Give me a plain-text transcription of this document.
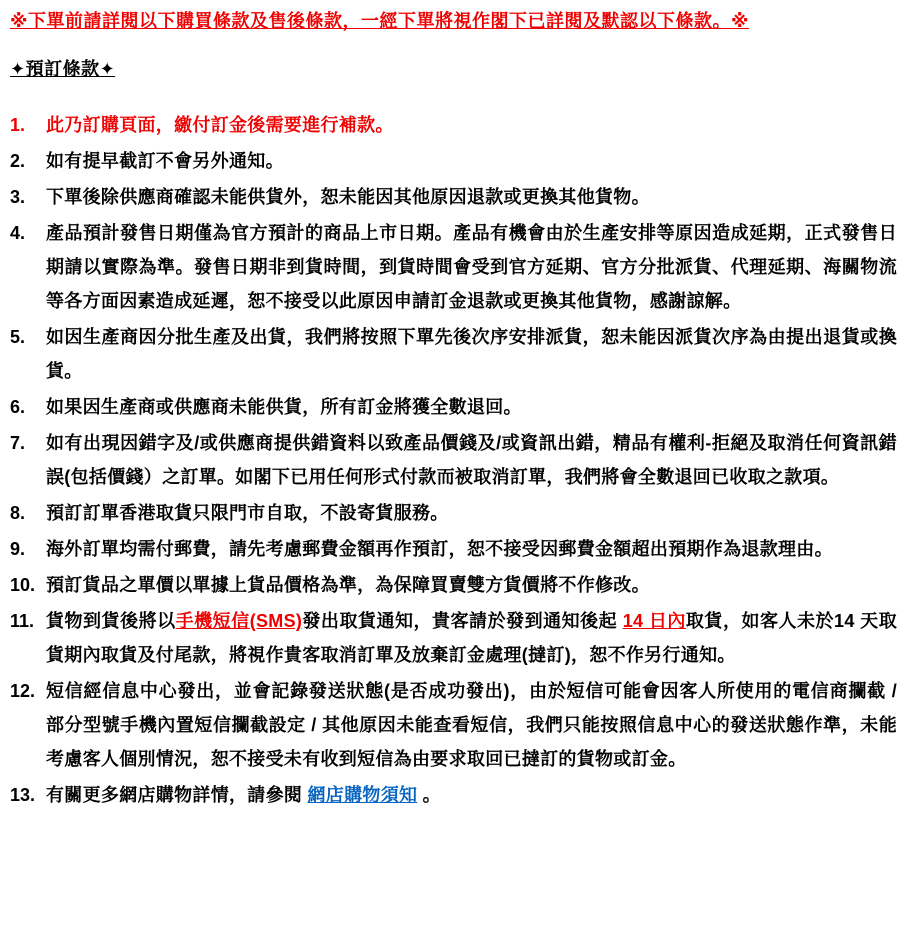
※下單前請詳閱以下購買條款及售後條款，一經下單將視作閣下已詳閱及默認以下條款。※
✦預訂條款✦
1.	此乃訂購頁面，繳付訂金後需要進行補款。
2.	如有提早截訂不會另外通知。
3.	下單後除供應商確認未能供貨外，恕未能因其他原因退款或更換其他貨物。
4.	產品預計發售日期僅為官方預計的商品上市日期。產品有機會由於生產安排等原因造成延期，正式發售日期請以實際為準。發售日期非到貨時間，到貨時間會受到官方延期、官方分批派貨、代理延期、海關物流等各方面因素造成延遲，恕不接受以此原因申請訂金退款或更換其他貨物，感謝諒解。
5.	如因生產商因分批生產及出貨，我們將按照下單先後次序安排派貨，恕未能因派貨次序為由提出退貨或換貨。
6.	如果因生產商或供應商未能供貨，所有訂金將獲全數退回。
7.	如有出現因錯字及/或供應商提供錯資料以致產品價錢及/或資訊出錯，精品有權利-拒絕及取消任何資訊錯誤(包括價錢）之訂單。如閣下已用任何形式付款而被取消訂單，我們將會全數退回已收取之款項。
8.	預訂訂單香港取貨只限門市自取，不設寄貨服務。
9.	海外訂單均需付郵費，請先考慮郵費金額再作預訂，恕不接受因郵費金額超出預期作為退款理由。
10. 預訂貨品之單價以單據上貨品價格為準，為保障買賣雙方貨價將不作修改。
11. 貨物到貨後將以手機短信(SMS)發出取貨通知，貴客請於發到通知後起 14 日內取貨，如客人未於14 天取貨期內取貨及付尾款，將視作貴客取消訂單及放棄訂金處理(撻訂)，恕不作另行通知。
12. 短信經信息中心發出，並會記錄發送狀態(是否成功發出)，由於短信可能會因客人所使用的電信商攔截 / 部分型號手機內置短信攔截設定 / 其他原因未能查看短信，我們只能按照信息中心的發送狀態作準，未能考慮客人個別情況，恕不接受未有收到短信為由要求取回已撻訂的貨物或訂金。
13. 有關更多網店購物詳情，請參閱 網店購物須知 。
